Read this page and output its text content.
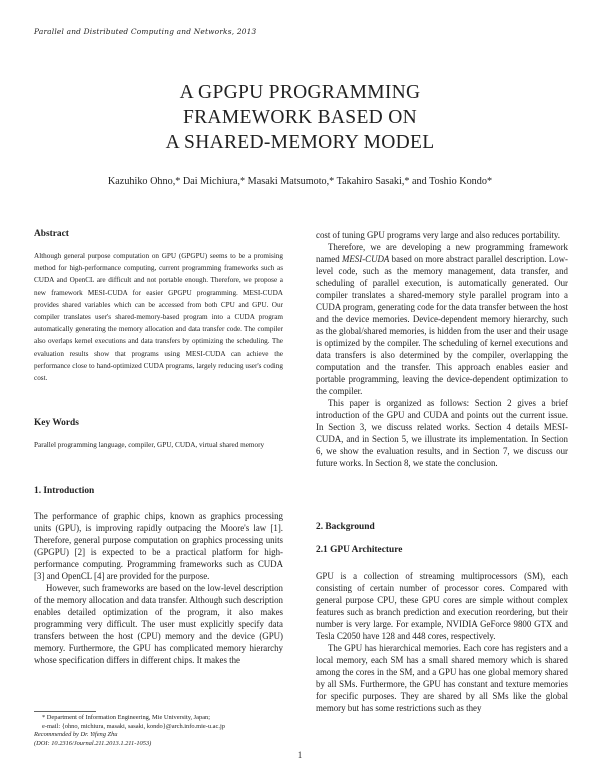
Parallel and Distributed Computing and Networks, 2013
A GPGPU PROGRAMMING
FRAMEWORK BASED ON
A SHARED-MEMORY MODEL
Kazuhiko Ohno,* Dai Michiura,* Masaki Matsumoto,* Takahiro Sasaki,* and Toshio Kondo*
Abstract
Although general purpose computation on GPU (GPGPU) seems to be a promising method for high-performance computing, current programming frameworks such as CUDA and OpenCL are difficult and not portable enough. Therefore, we propose a new framework MESI-CUDA for easier GPGPU programming. MESI-CUDA provides shared variables which can be accessed from both CPU and GPU. Our compiler translates user's shared-memory-based program into a CUDA program automatically generating the memory allocation and data transfer code. The compiler also overlaps kernel executions and data transfers by optimizing the scheduling. The evaluation results show that programs using MESI-CUDA can achieve the performance close to hand-optimized CUDA programs, largely reducing user's coding cost.
Key Words
Parallel programming language, compiler, GPU, CUDA, virtual shared memory
1. Introduction

The performance of graphic chips, known as graphics processing units (GPU), is improving rapidly outpacing the Moore's law [1]. Therefore, general purpose computation on graphics processing units (GPGPU) [2] is expected to be a practical platform for high-performance computing. Programming frameworks such as CUDA [3] and OpenCL [4] are provided for the purpose.

However, such frameworks are based on the low-level description of the memory allocation and data transfer. Although such description enables detailed optimization of the program, it also makes programming very difficult. The user must explicitly specify data transfers between the host (CPU) memory and the device (GPU) memory. Furthermore, the GPU has complicated memory hierarchy whose specification differs in different chips. It makes the

* Department of Information Engineering, Mie University, Japan;
e-mail: {ohno, michiura, masaki, sasaki, kondo}@arch.info.mie-u.ac.jp
Recommended by Dr. Yifeng Zhu
(DOI: 10.2316/Journal.211.2013.1.211-1053)

cost of tuning GPU programs very large and also reduces portability.

Therefore, we are developing a new programming framework named MESI-CUDA based on more abstract parallel description. Low-level code, such as the memory management, data transfer, and scheduling of parallel execution, is automatically generated. Our compiler translates a shared-memory style parallel program into a CUDA program, generating code for the data transfer between the host and the device memories. Device-dependent memory hierarchy, such as the global/shared memories, is hidden from the user and their usage is optimized by the compiler. The scheduling of kernel executions and data transfers is also determined by the compiler, overlapping the computation and the transfer. This approach enables easier and portable programming, leaving the device-dependent optimization to the compiler.

This paper is organized as follows: Section 2 gives a brief introduction of the GPU and CUDA and points out the current issue. In Section 3, we discuss related works. Section 4 details MESI-CUDA, and in Section 5, we illustrate its implementation. In Section 6, we show the evaluation results, and in Section 7, we discuss our future works. In Section 8, we state the conclusion.

2. Background
2.1 GPU Architecture

GPU is a collection of streaming multiprocessors (SM), each consisting of certain number of processor cores. Compared with general purpose CPU, these GPU cores are simple without complex features such as branch prediction and execution reordering, but their number is very large. For example, NVIDIA GeForce 9800 GTX and Tesla C2050 have 128 and 448 cores, respectively.

The GPU has hierarchical memories. Each core has registers and a local memory, each SM has a small shared memory which is shared among the cores in the SM, and a GPU has one global memory shared by all SMs. Furthermore, the GPU has constant and texture memories for specific purposes. They are shared by all SMs like the global memory but has some restrictions such as they

1
